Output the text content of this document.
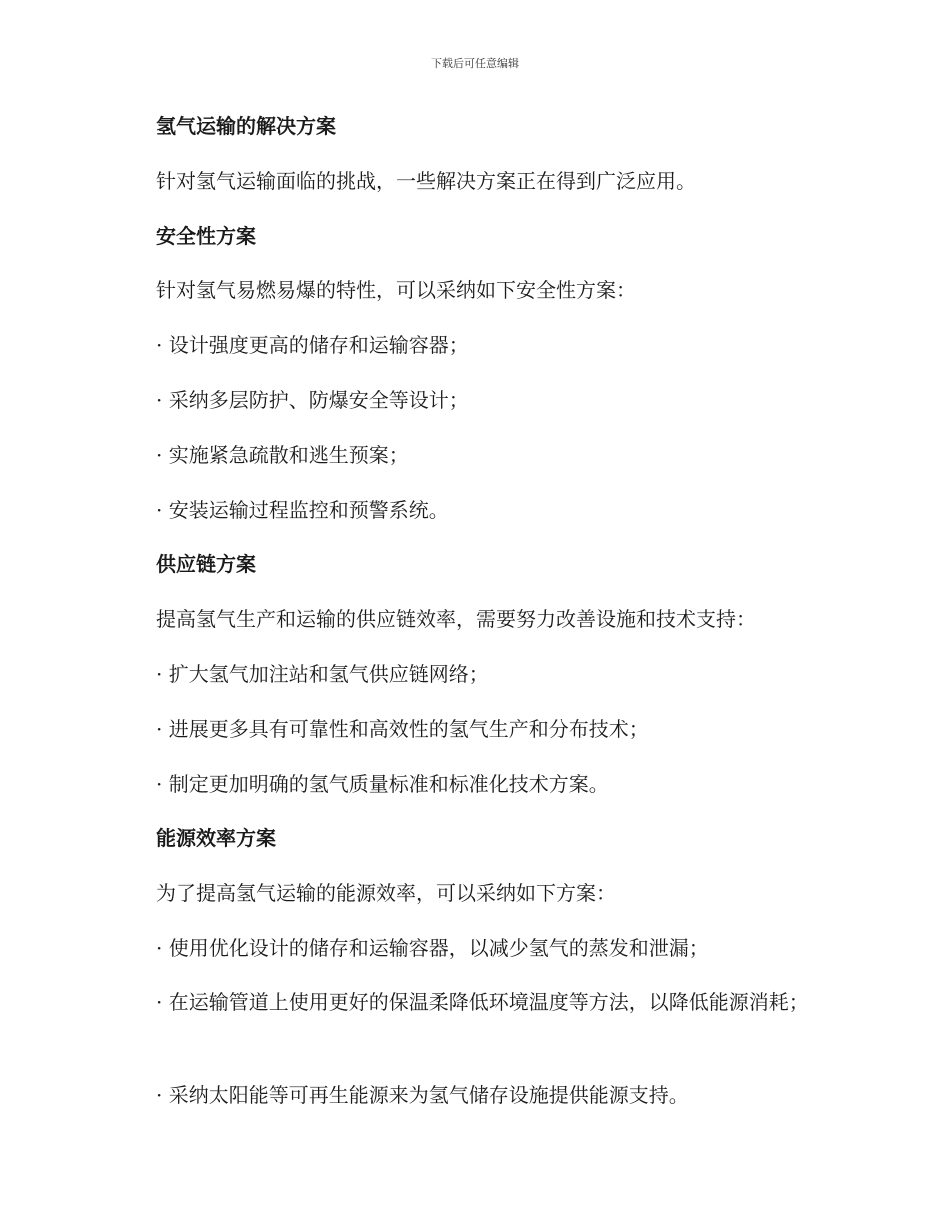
下载后可任意编辑
氢气运输的解决方案
针对氢气运输面临的挑战，一些解决方案正在得到广泛应用。
安全性方案
针对氢气易燃易爆的特性，可以采纳如下安全性方案：
· 设计强度更高的储存和运输容器；
· 采纳多层防护、防爆安全等设计；
· 实施紧急疏散和逃生预案；
· 安装运输过程监控和预警系统。
供应链方案
提高氢气生产和运输的供应链效率，需要努力改善设施和技术支持：
· 扩大氢气加注站和氢气供应链网络；
· 进展更多具有可靠性和高效性的氢气生产和分布技术；
· 制定更加明确的氢气质量标准和标准化技术方案。
能源效率方案
为了提高氢气运输的能源效率，可以采纳如下方案：
· 使用优化设计的储存和运输容器，以减少氢气的蒸发和泄漏；
· 在运输管道上使用更好的保温柔降低环境温度等方法，以降低能源消耗；
· 采纳太阳能等可再生能源来为氢气储存设施提供能源支持。
